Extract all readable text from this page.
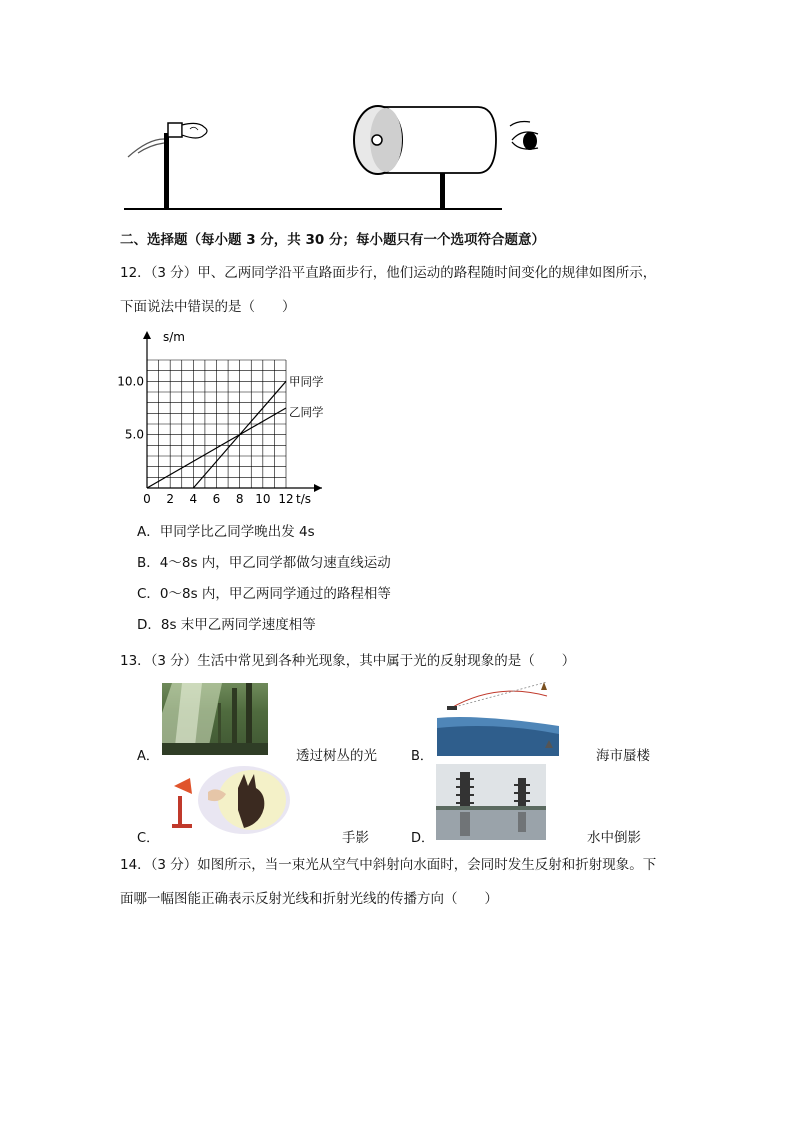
二、选择题（每小题 3 分，共 30 分；每小题只有一个选项符合题意）
12．（3 分）甲、乙两同学沿平直路面步行，他们运动的路程随时间变化的规律如图所示，
下面说法中错误的是（　　）
s/m
t/s
0 2 4 6 8 10 12
5.0
10.0	甲同学
乙同学
A．甲同学比乙同学晚出发 4s
B．4～8s 内，甲乙同学都做匀速直线运动
C．0～8s 内，甲乙两同学通过的路程相等
D．8s 末甲乙两同学速度相等
13．（3 分）生活中常见到各种光现象，其中属于光的反射现象的是（　　）
A．	透过树丛的光	B．	海市蜃楼
C．	手影	D．	水中倒影
14．（3 分）如图所示，当一束光从空气中斜射向水面时，会同时发生反射和折射现象。下
面哪一幅图能正确表示反射光线和折射光线的传播方向（　　）
